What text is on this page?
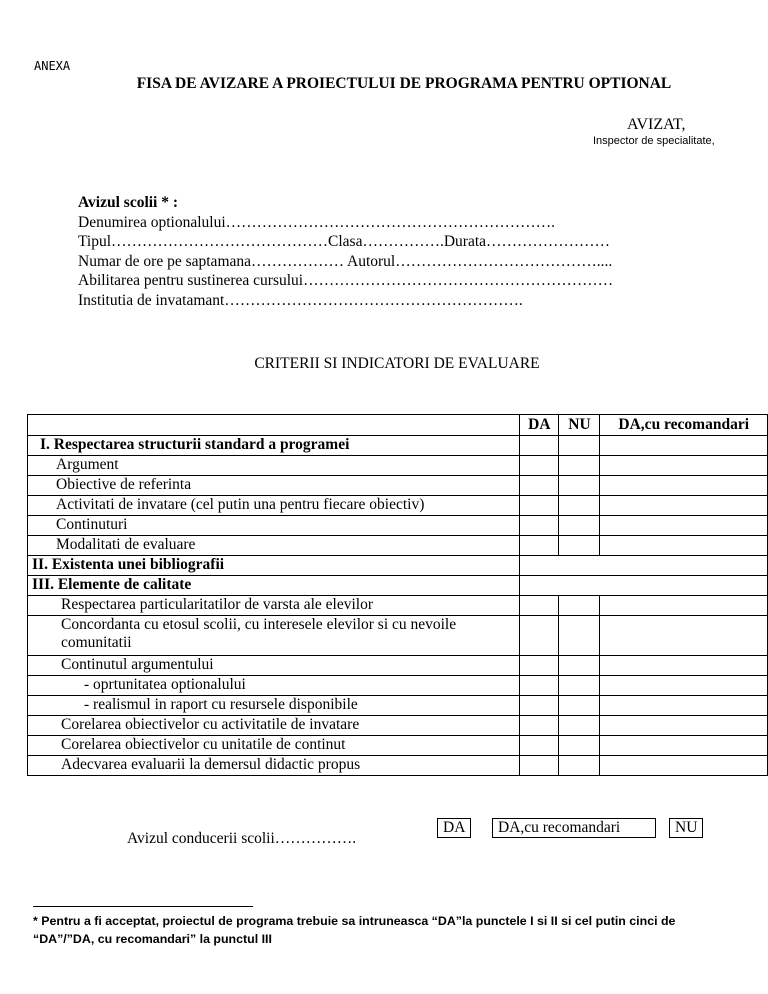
ANEXA
FISA DE AVIZARE A PROIECTULUI DE PROGRAMA PENTRU OPTIONAL
AVIZAT,
Inspector de specialitate,
Avizul scolii * :
Denumirea optionalului……………………………………………………….
Tipul……………………………………Clasa…………….Durata……………………
Numar de ore pe saptamana……………… Autorul…………………………………....
Abilitarea pentru sustinerea cursului……………………………………………………
Institutia de invatamant………………………………………………….
CRITERII SI INDICATORI DE EVALUARE
	DA	NU	DA,cu recomandari
I. Respectarea structurii standard a programei			
Argument			
Obiective de referinta			
Activitati de invatare (cel putin una pentru fiecare obiectiv)			
Continuturi			
Modalitati de evaluare			
II. Existenta unei bibliografii			
III. Elemente de calitate			
Respectarea particularitatilor de varsta ale elevilor			
Concordanta cu etosul scolii, cu interesele elevilor si cu nevoile comunitatii			
Continutul argumentului			
- oprtunitatea optionalului			
- realismul in raport cu resursele disponibile			
Corelarea obiectivelor cu activitatile de invatare			
Corelarea obiectivelor cu unitatile de continut			
Adecvarea evaluarii la demersul didactic propus			
Avizul conducerii scolii…………….
DA	DA,cu recomandari	NU
* Pentru a fi acceptat, proiectul de programa trebuie sa intruneasca “DA”la punctele I si II si cel putin cinci de “DA”/”DA, cu recomandari” la punctul III
